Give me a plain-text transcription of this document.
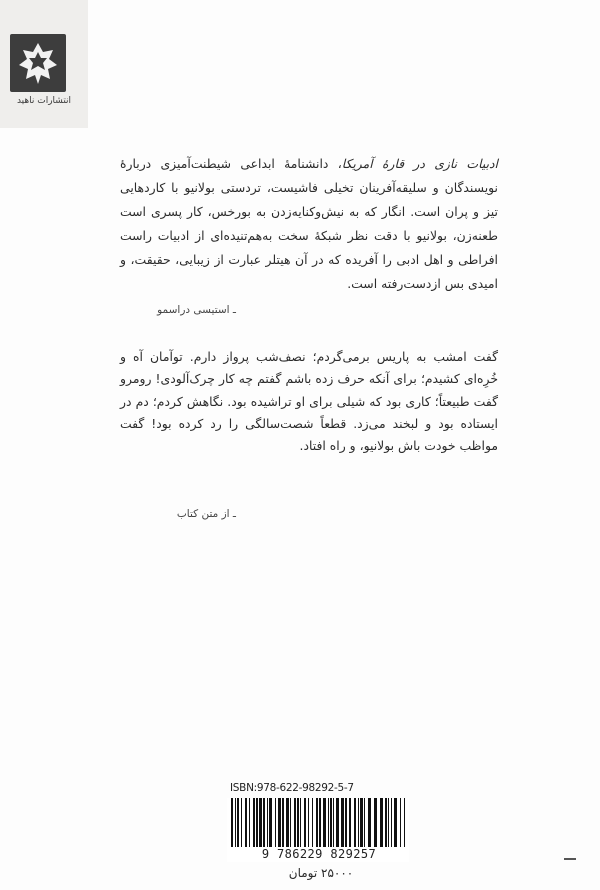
انتشارات ناهید
ادبیات نازی در قارهٔ آمریکا، دانشنامهٔ ابداعی شیطنت‌آمیزی دربارهٔ نویسندگان و سلیقه‌آفرینان تخیلی فاشیست، تردستی بولانیو با کاردهایی تیز و پران است. انگار که به نیش‌وکنایه‌زدن به بورخس، کار پسری است طعنه‌زن، بولانیو با دقت نظر شبکهٔ سخت به‌هم‌تنیده‌ای از ادبیات راست افراطی و اهل ادبی را آفریده که در آن هیتلر عبارت از زیبایی، حقیقت، و امیدی بس ازدست‌رفته است.
ـ استیسی دراسمو
گفت امشب به پاریس برمی‌گردم؛ نصف‌شب پرواز دارم. توآمان آه و خُرِه‌ای کشیدم؛ برای آنکه حرف زده باشم گفتم چه کار چرک‌آلودی! رومرو گفت طبیعتاً؛ کاری بود که شیلی برای او تراشیده بود. نگاهش کردم؛ دم در ایستاده بود و لبخند می‌زد. قطعاً شصت‌سالگی را رد کرده بود! گفت مواظب خودت باش بولانیو، و راه افتاد.
ـ از متن کتاب
ISBN:978-622-98292-5-7
9 786229 829257
۲۵۰۰۰ تومان
